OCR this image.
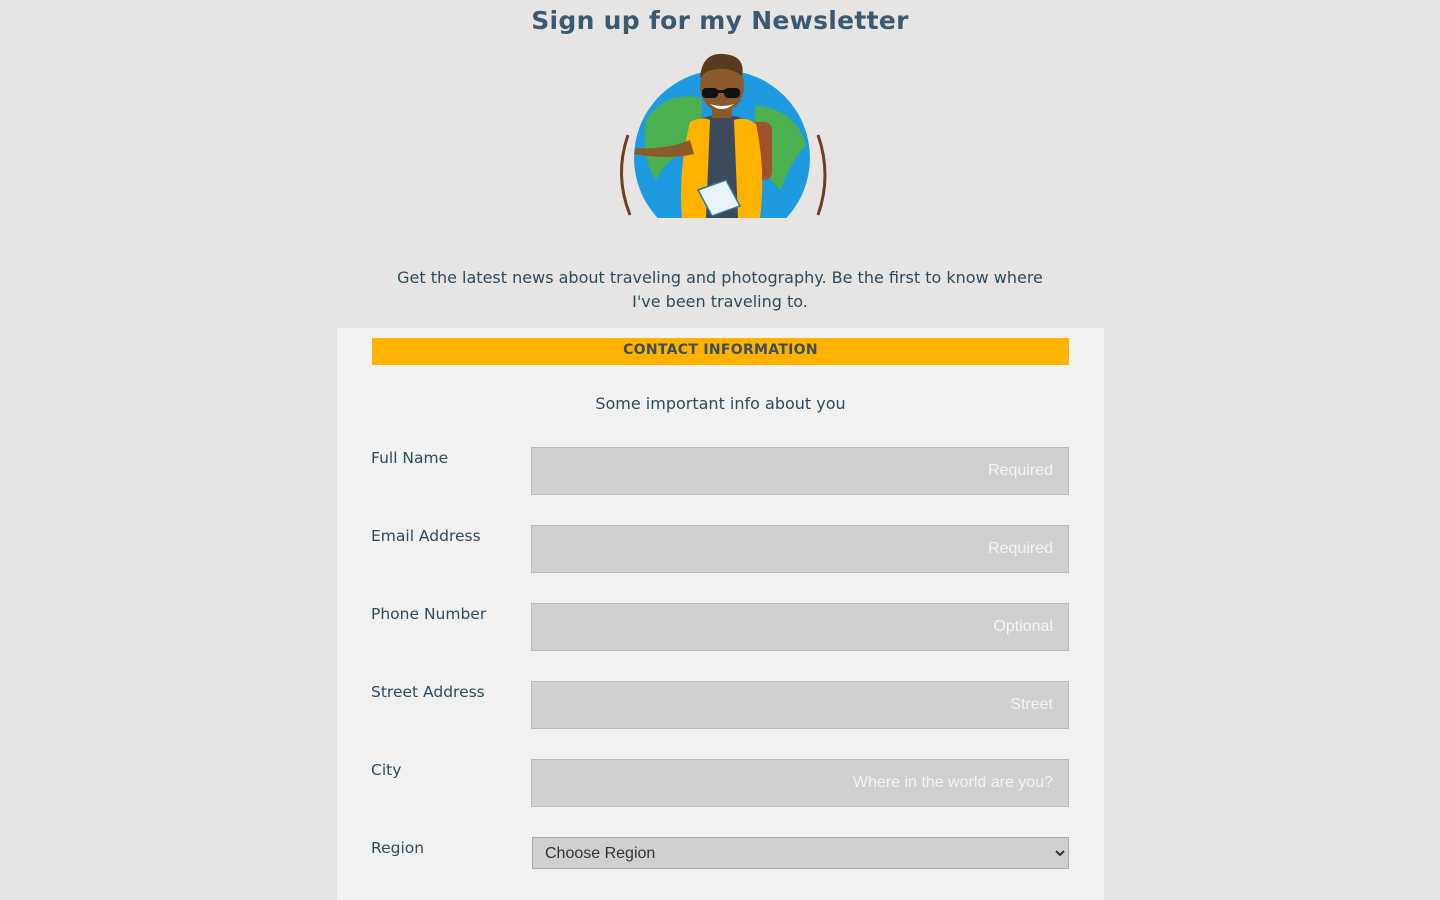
Sign up for my Newsletter
Get the latest news about traveling and photography. Be the first to know where I've been traveling to.
CONTACT INFORMATION
Some important info about you
Full Name
Required
Email Address
Required
Phone Number
Optional
Street Address
Street
City
Where in the world are you?
Region
Choose Region
